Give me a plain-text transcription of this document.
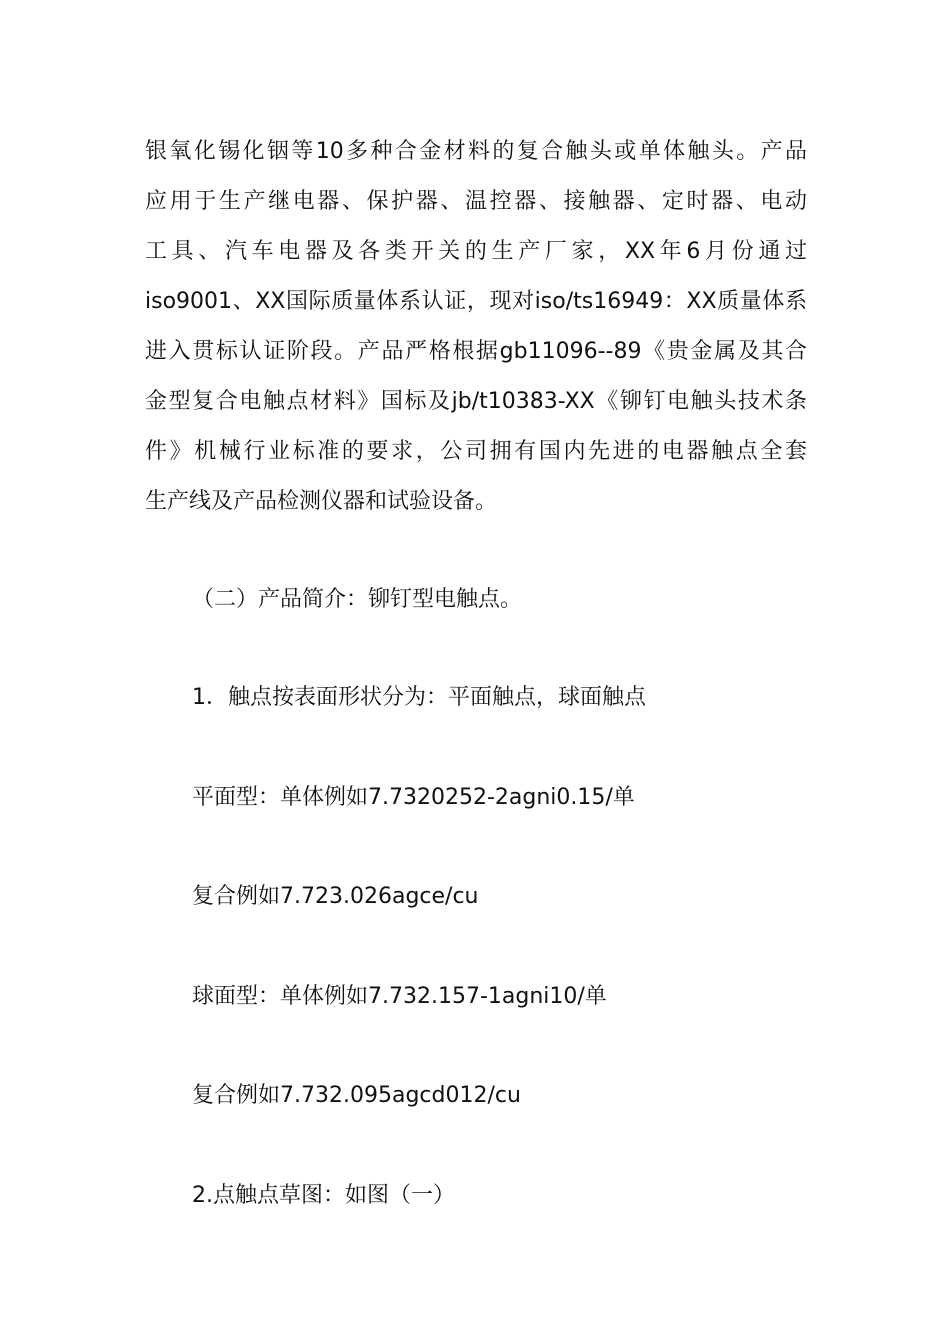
银氧化锡化铟等10多种合金材料的复合触头或单体触头。产品
应用于生产继电器、保护器、温控器、接触器、定时器、电动
工具、汽车电器及各类开关的生产厂家，XX年6月份通过
iso9001、XX国际质量体系认证，现对iso/ts16949：XX质量体系
进入贯标认证阶段。产品严格根据gb11096--89《贵金属及其合
金型复合电触点材料》国标及jb/t10383-XX《铆钉电触头技术条
件》机械行业标准的要求，公司拥有国内先进的电器触点全套
生产线及产品检测仪器和试验设备。
（二）产品简介：铆钉型电触点。
1．触点按表面形状分为：平面触点，球面触点
平面型：单体例如7.7320252-2agni0.15/单
复合例如7.723.026agce/cu
球面型：单体例如7.732.157-1agni10/单
复合例如7.732.095agcd012/cu
2.点触点草图：如图（一）
